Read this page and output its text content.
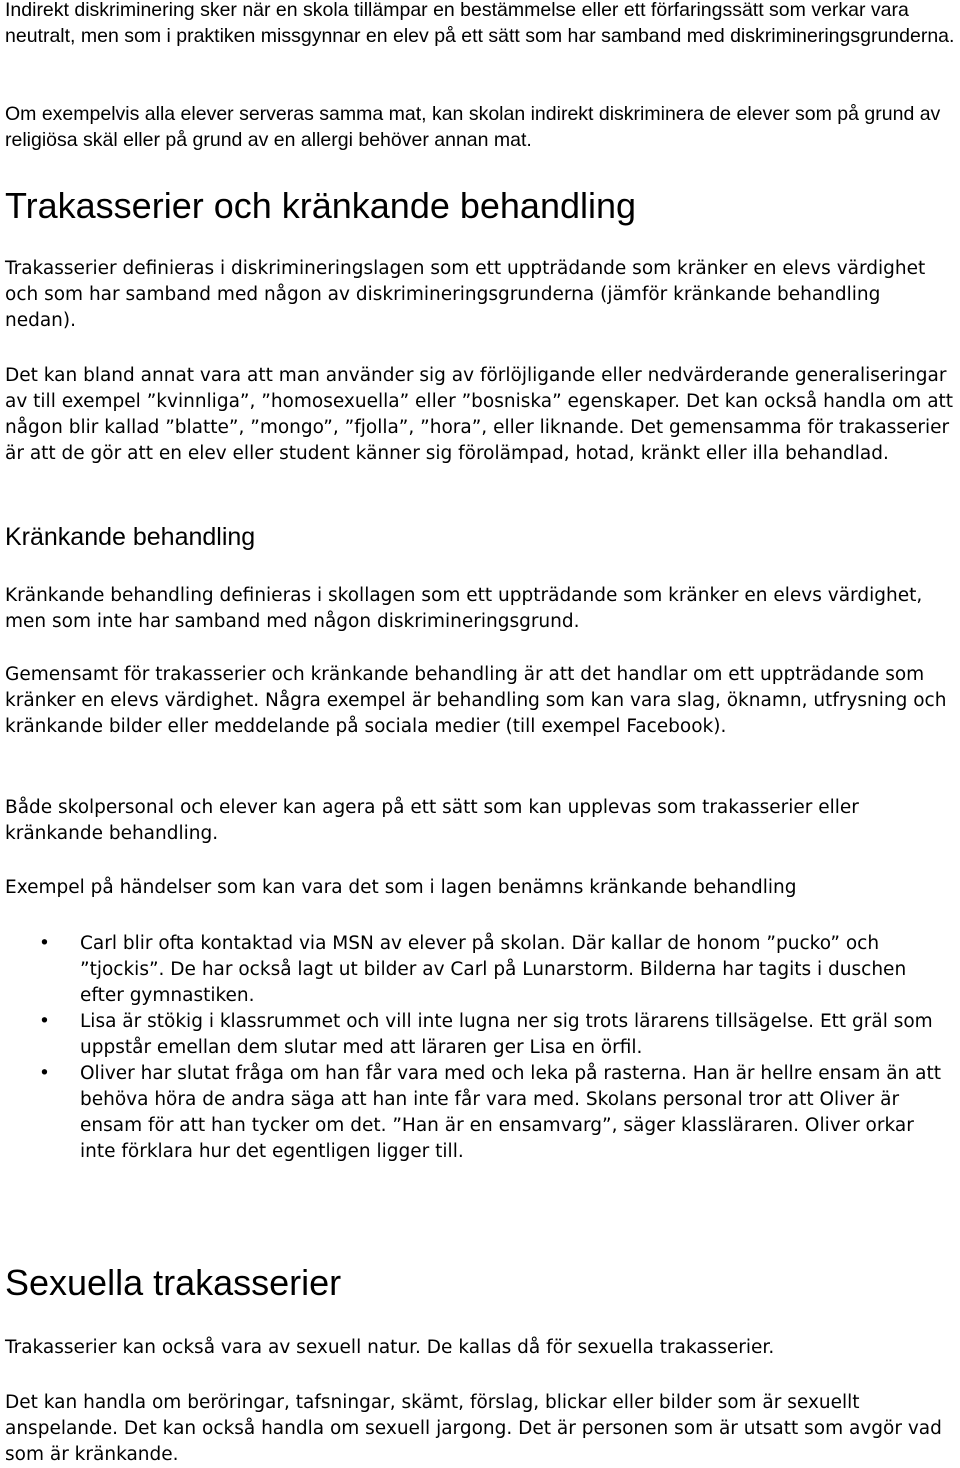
Indirekt diskriminering sker när en skola tillämpar en bestämmelse eller ett förfaringssätt som verkar vara neutralt, men som i praktiken missgynnar en elev på ett sätt som har samband med diskrimineringsgrunderna.

Om exempelvis alla elever serveras samma mat, kan skolan indirekt diskriminera de elever som på grund av religiösa skäl eller på grund av en allergi behöver annan mat.

Trakasserier och kränkande behandling

Trakasserier definieras i diskrimineringslagen som ett uppträdande som kränker en elevs värdighet och som har samband med någon av diskrimineringsgrunderna (jämför kränkande behandling nedan).

Det kan bland annat vara att man använder sig av förlöjligande eller nedvärderande generaliseringar av till exempel ”kvinnliga”, ”homosexuella” eller ”bosniska” egenskaper. Det kan också handla om att någon blir kallad ”blatte”, ”mongo”, ”fjolla”, ”hora”, eller liknande. Det gemensamma för trakasserier är att de gör att en elev eller student känner sig förolämpad, hotad, kränkt eller illa behandlad.

Kränkande behandling

Kränkande behandling definieras i skollagen som ett uppträdande som kränker en elevs värdighet, men som inte har samband med någon diskrimineringsgrund.

Gemensamt för trakasserier och kränkande behandling är att det handlar om ett uppträdande som kränker en elevs värdighet. Några exempel är behandling som kan vara slag, öknamn, utfrysning och kränkande bilder eller meddelande på sociala medier (till exempel Facebook).

Både skolpersonal och elever kan agera på ett sätt som kan upplevas som trakasserier eller kränkande behandling.

Exempel på händelser som kan vara det som i lagen benämns kränkande behandling

• Carl blir ofta kontaktad via MSN av elever på skolan. Där kallar de honom ”pucko” och ”tjockis”. De har också lagt ut bilder av Carl på Lunarstorm. Bilderna har tagits i duschen efter gymnastiken.
• Lisa är stökig i klassrummet och vill inte lugna ner sig trots lärarens tillsägelse. Ett gräl som uppstår emellan dem slutar med att läraren ger Lisa en örfil.
• Oliver har slutat fråga om han får vara med och leka på rasterna. Han är hellre ensam än att behöva höra de andra säga att han inte får vara med. Skolans personal tror att Oliver är ensam för att han tycker om det. ”Han är en ensamvarg”, säger klassläraren. Oliver orkar inte förklara hur det egentligen ligger till.
Sexuella trakasserier

Trakasserier kan också vara av sexuell natur. De kallas då för sexuella trakasserier.

Det kan handla om beröringar, tafsningar, skämt, förslag, blickar eller bilder som är sexuellt anspelande. Det kan också handla om sexuell jargong. Det är personen som är utsatt som avgör vad som är kränkande.
